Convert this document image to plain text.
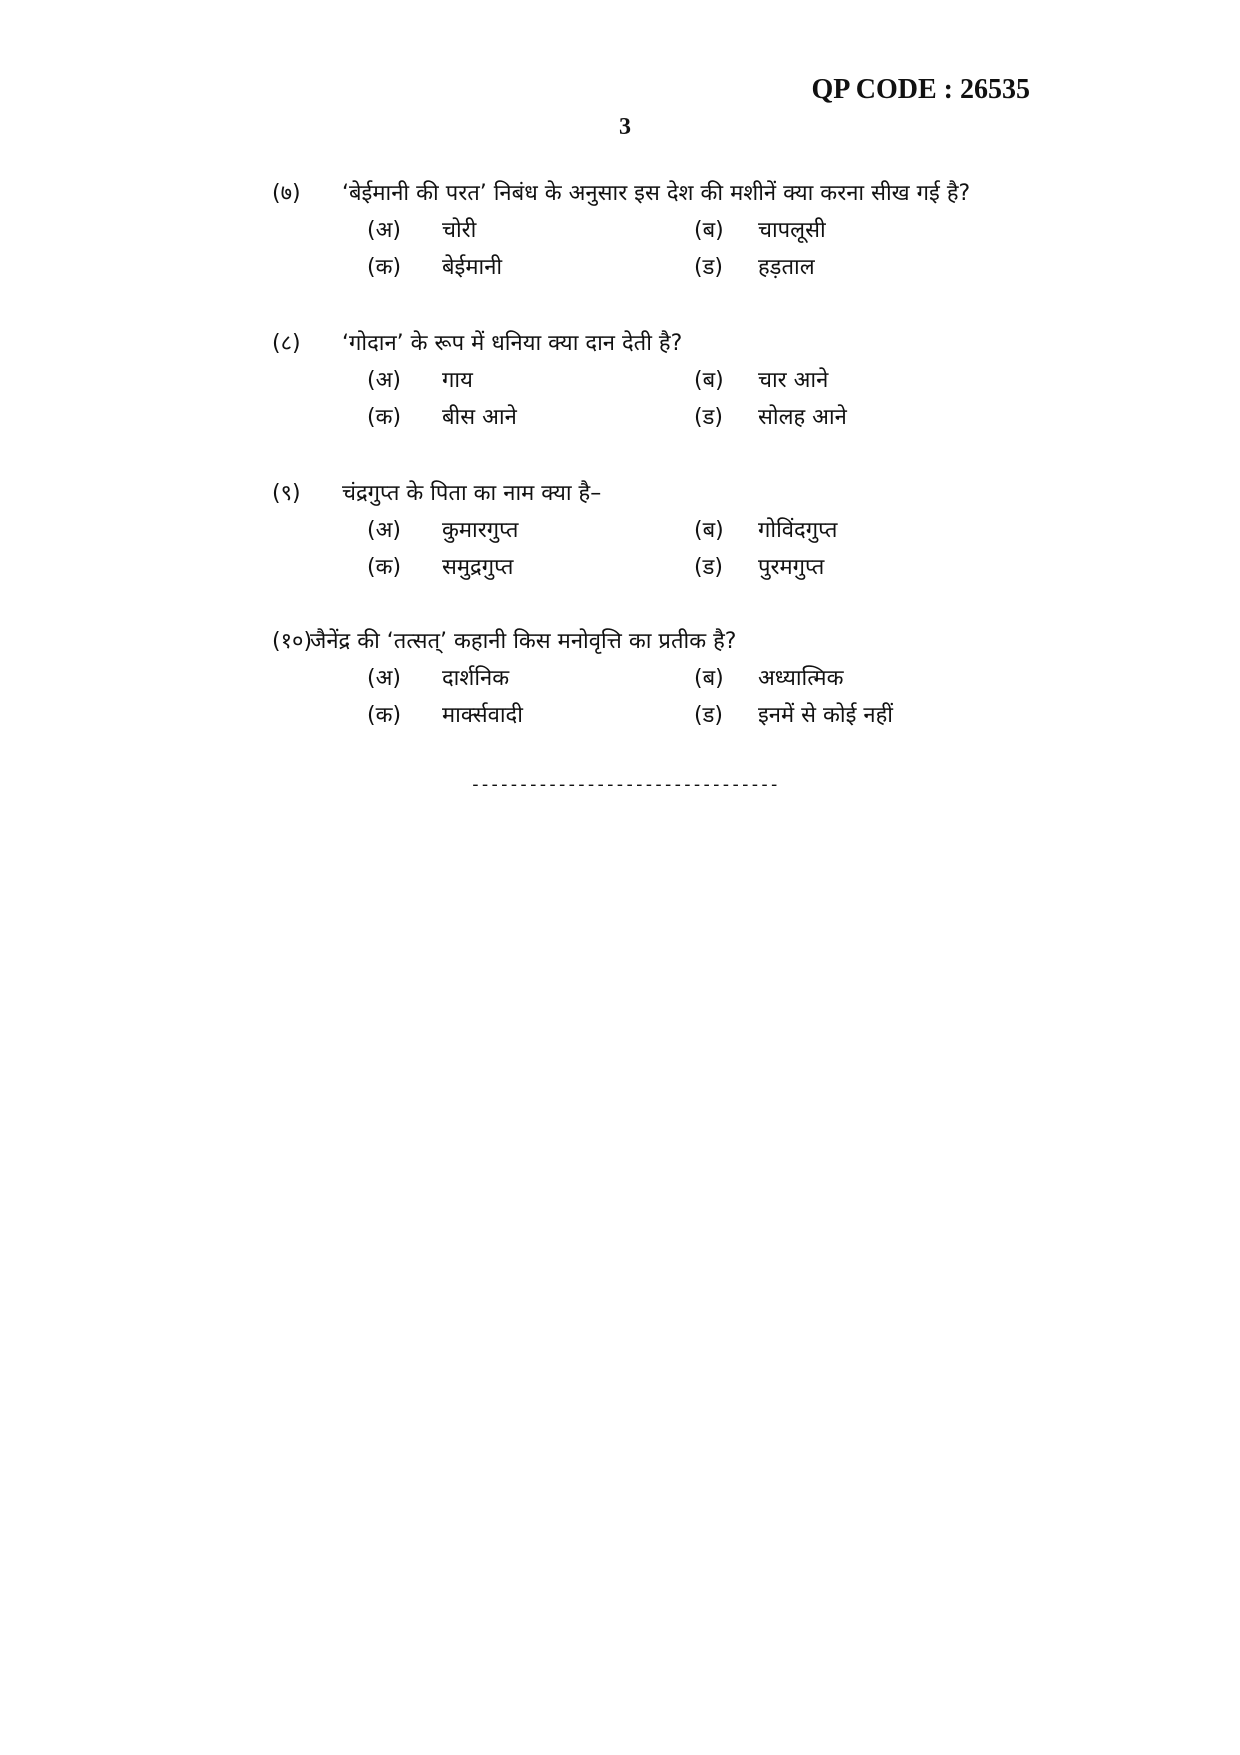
QP CODE : 26535
3
(७) ‘बेईमानी की परत’ निबंध के अनुसार इस देश की मशीनें क्या करना सीख गई है?
(अ) चोरी	(ब) चापलूसी
(क) बेईमानी	(ड) हड़ताल
(८) ‘गोदान’ के रूप में धनिया क्या दान देती है?
(अ) गाय	(ब) चार आने
(क) बीस आने	(ड) सोलह आने
(९) चंद्रगुप्त के पिता का नाम क्या है–
(अ) कुमारगुप्त	(ब) गोविंदगुप्त
(क) समुद्रगुप्त	(ड) पुरमगुप्त
(१०)
जैनेंद्र की ‘तत्सत्’ कहानी किस मनोवृत्ति का प्रतीक है?
(अ) दार्शनिक	(ब) अध्यात्मिक
(क) मार्क्सवादी	(ड) इनमें से कोई नहीं
--------------------------------
